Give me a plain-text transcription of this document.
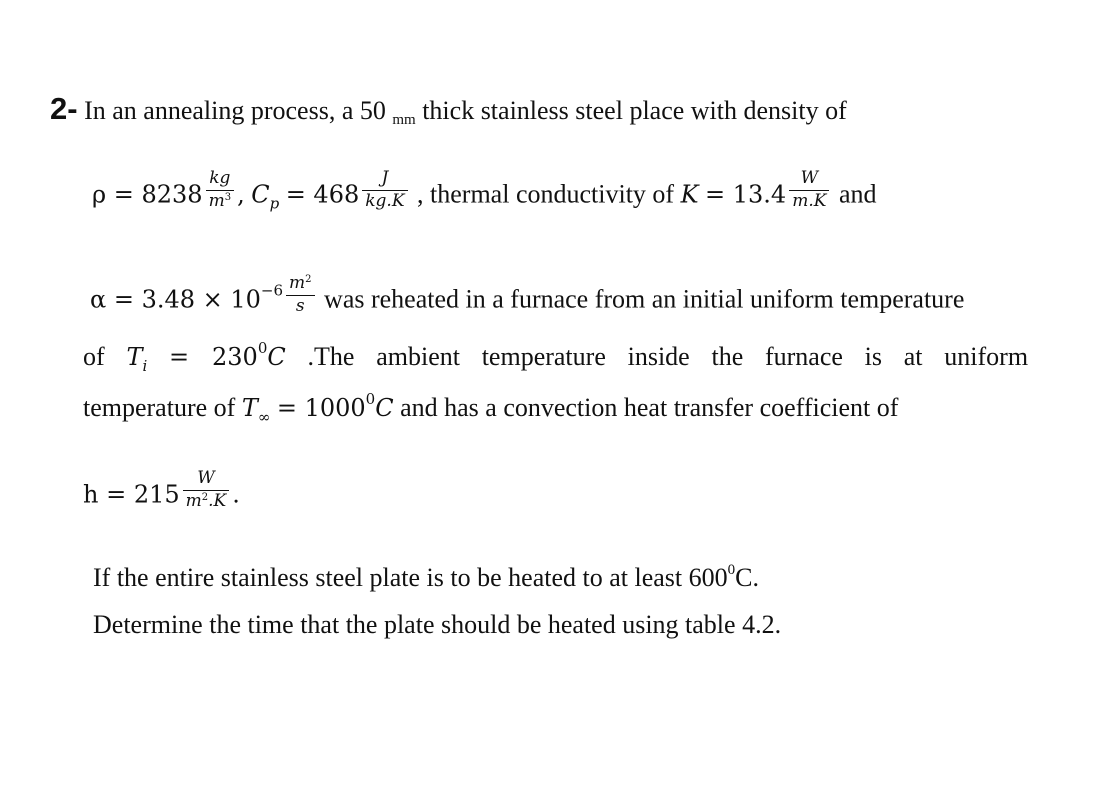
2- In an annealing process, a 50 mm thick stainless steel place with density of
$\rho = 8238 \frac{kg}{m^3}$ , $C_p = 468 \frac{J}{kg.K}$ , thermal conductivity of $K = 13.4 \frac{W}{m.K}$ and
$\alpha = 3.48 \times 10^{-6} \frac{m^2}{s}$ was reheated in a furnace from an initial uniform temperature
of $T_i = 230^0C$ .The ambient temperature inside the furnace is at uniform
temperature of $T_\infty = 1000^0C$ and has a convection heat transfer coefficient of
$h = 215 \frac{W}{m^2.K}$ .
If the entire stainless steel plate is to be heated to at least $600^0C$.
Determine the time that the plate should be heated using table 4.2.
